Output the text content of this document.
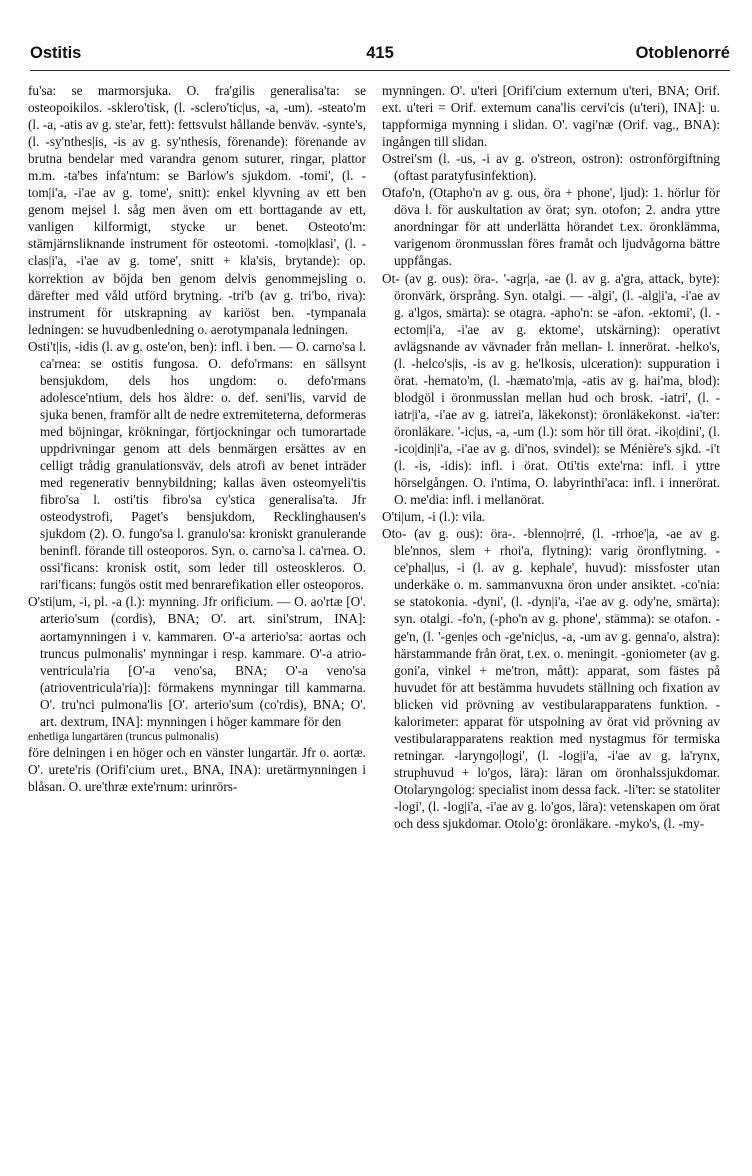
Ostitis	415	Otoblenorré

fu'sa: se marmorsjuka. O. fra'gilis generalisa'ta: se osteopoikilos. -sklero'tisk, (l. -sclero'tic|us, -a, -um). -steato'm (l. -a, -atis av g. ste'ar, fett): fettsvulst hållande benväv. -synte's, (l. -sy'nthes|is, -is av g. sy'nthesis, förenande): förenande av brutna bendelar med varandra genom suturer, ringar, plattor m.m. -ta'bes infa'ntum: se Barlow's sjukdom. -tomi', (l. -tom|i'a, -i'ae av g. tome', snitt): enkel klyvning av ett ben genom mejsel l. såg men även om ett borttagande av ett, vanligen kilformigt, stycke ur benet. Osteoto'm: stämjärnsliknande instrument för osteotomi. -tomo|klasi', (l. -clas|i'a, -i'ae av g. tome', snitt + kla'sis, brytande): op. korrektion av böjda ben genom delvis genommejsling o. därefter med våld utförd brytning. -tri'b (av g. tri'bo, riva): instrument för utskrapning av kariöst ben. -tympanala ledningen: se huvudbenledning o. aerotympanala ledningen.

Osti't|is, -idis (l. av g. oste'on, ben): infl. i ben. — O. carno'sa l. ca'rnea: se ostitis fungosa. O. defo'rmans: en sällsynt bensjukdom, dels hos ungdom: o. defo'rmans adolesce'ntium, dels hos äldre: o. def. seni'lis, varvid de sjuka benen, framför allt de nedre extremiteterna, deformeras med böjningar, krökningar, förtjockningar och tumorartade uppdrivningar genom att dels benmärgen ersättes av en celligt trådig granulationsväv, dels atrofi av benet inträder med regenerativ bennybildning; kallas även osteomyeli'tis fibro'sa l. osti'tis fibro'sa cy'stica generalisa'ta. Jfr osteodystrofi, Paget's bensjukdom, Recklinghausen's sjukdom (2). O. fungo'sa l. granulo'sa: kroniskt granulerande beninfl. förande till osteoporos. Syn. o. carno'sa l. ca'rnea. O. ossi'ficans: kronisk ostit, som leder till osteoskleros. O. rari'ficans: fungös ostit med benrarefikation eller osteoporos.

O'sti|um, -i, pl. -a (l.): mynning. Jfr orificium. — O. ao'rtæ [O'. arterio'sum (cordis), BNA; O'. art. sini'strum, INA]: aortamynningen i v. kammaren. O'-a arterio'sa: aortas och truncus pulmonalis' mynningar i resp. kammare. O'-a atrio-ventricula'ria [O'-a veno'sa, BNA; O'-a veno'sa (atrioventricula'ria)]: förmakens mynningar till kammarna. O'. tru'nci pulmona'lis [O'. arterio'sum (co'rdis), BNA; O'. art. dextrum, INA]: mynningen i höger kammare för den

enhetliga lungartären (truncus pulmonalis)

före delningen i en höger och en vänster lungartär. Jfr o. aortæ. O'. urete'ris (Orifi'cium uret., BNA, INA): uretärmynningen i blåsan. O. ure'thræ exte'rnum: urinrörs-

mynningen. O'. u'teri [Orifi'cium externum u'teri, BNA; Orif. ext. u'teri = Orif. externum cana'lis cervi'cis (u'teri), INA]: u. tappformiga mynning i slidan. O'. vagi'næ (Orif. vag., BNA): ingången till slidan.

Ostrei'sm (l. -us, -i av g. o'streon, ostron): ostronförgiftning (oftast paratyfusinfektion).

Otafo'n, (Otapho'n av g. ous, öra + phone', ljud): 1. hörlur för döva l. för auskultation av örat; syn. otofon; 2. andra yttre anordningar för att underlätta hörandet t.ex. öronklämma, varigenom öronmusslan föres framåt och ljudvågorna bättre uppfångas.

Ot- (av g. ous): öra-. '-agr|a, -ae (l. av g. a'gra, attack, byte): öronvärk, örsprång. Syn. otalgi. — -algi', (l. -alg|i'a, -i'ae av g. a'lgos, smärta): se otagra. -apho'n: se -afon. -ektomi', (l. -ectom|i'a, -i'ae av g. ektome', utskärning): operativt avlägsnande av vävnader från mellan- l. innerörat. -helko's, (l. -helco's|is, -is av g. he'lkosis, ulceration): suppuration i örat. -hemato'm, (l. -hæmato'm|a, -atis av g. hai'ma, blod): blodgöl i öronmusslan mellan hud och brosk. -iatri', (l. -iatr|i'a, -i'ae av g. iatrei'a, läkekonst): öronläkekonst. -ia'ter: öronläkare. '-ic|us, -a, -um (l.): som hör till örat. -iko|dini', (l. -ico|din|i'a, -i'ae av g. di'nos, svindel): se Ménière's sjkd. -i't (l. -is, -idis): infl. i örat. Oti'tis exte'rna: infl. i yttre hörselgången. O. i'ntima, O. labyrinthi'aca: infl. i innerörat. O. me'dia: infl. i mellanörat.

O'ti|um, -i (l.): vila.

Oto- (av g. ous): öra-. -blenno|rré, (l. -rrhoe'|a, -ae av g. ble'nnos, slem + rhoi'a, flytning): varig öronflytning. -ce'phal|us, -i (l. av g. kephale', huvud): missfoster utan underkäke o. m. sammanvuxna öron under ansiktet. -co'nia: se statokonia. -dyni', (l. -dyn|i'a, -i'ae av g. ody'ne, smärta): syn. otalgi. -fo'n, (-pho'n av g. phone', stämma): se otafon. -ge'n, (l. '-gen|es och -ge'nic|us, -a, -um av g. genna'o, alstra): härstammande från örat, t.ex. o. meningit. -goniometer (av g. goni'a, vinkel + me'tron, mått): apparat, som fästes på huvudet för att bestämma huvudets ställning och fixation av blicken vid prövning av vestibularapparatens funktion. -kalorimeter: apparat för utspolning av örat vid prövning av vestibularapparatens reaktion med nystagmus för termiska retningar. -laryngo|logi', (l. -log|i'a, -i'ae av g. la'rynx, struphuvud + lo'gos, lära): läran om öronhalssjukdomar. Otolaryngolog: specialist inom dessa fack. -li'ter: se statoliter -logi', (l. -log|i'a, -i'ae av g. lo'gos, lära): vetenskapen om örat och dess sjukdomar. Otolo'g: öronläkare. -myko's, (l. -my-
